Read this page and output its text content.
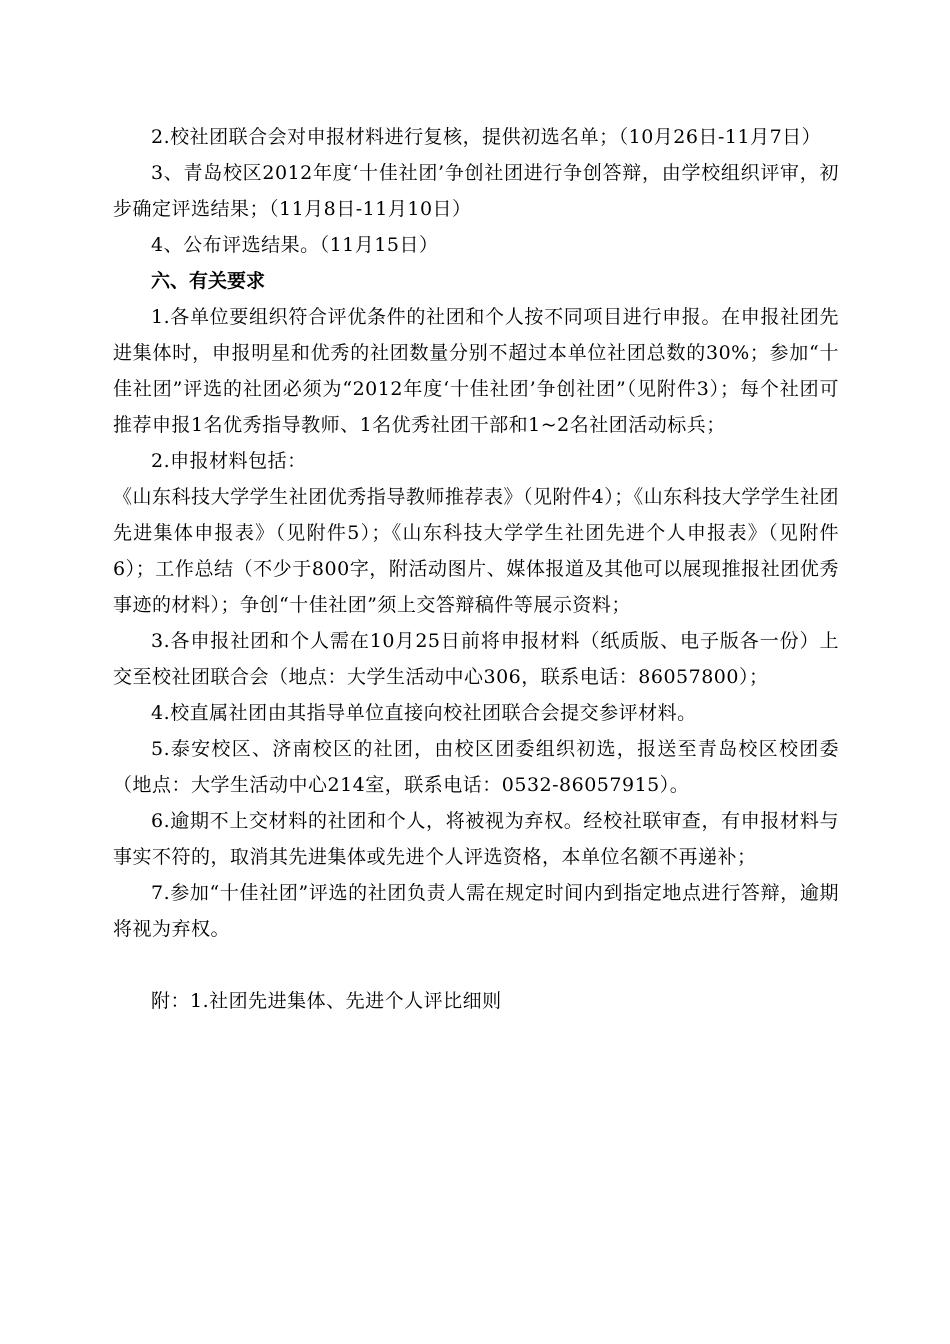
2.校社团联合会对申报材料进行复核，提供初选名单；（10月26日-11月7日）

3、青岛校区2012年度‘十佳社团’争创社团进行争创答辩，由学校组织评审，初步确定评选结果；（11月8日-11月10日）

4、公布评选结果。（11月15日）

六、有关要求

1.各单位要组织符合评优条件的社团和个人按不同项目进行申报。在申报社团先进集体时，申报明星和优秀的社团数量分别不超过本单位社团总数的30%；参加“十佳社团”评选的社团必须为“2012年度‘十佳社团’争创社团”（见附件3）；每个社团可推荐申报1名优秀指导教师、1名优秀社团干部和1~2名社团活动标兵；

2.申报材料包括：

《山东科技大学学生社团优秀指导教师推荐表》（见附件4）；《山东科技大学学生社团先进集体申报表》（见附件5）；《山东科技大学学生社团先进个人申报表》（见附件6）；工作总结（不少于800字，附活动图片、媒体报道及其他可以展现推报社团优秀事迹的材料）；争创“十佳社团”须上交答辩稿件等展示资料；

3.各申报社团和个人需在10月25日前将申报材料（纸质版、电子版各一份）上交至校社团联合会（地点：大学生活动中心306，联系电话：86057800）；

4.校直属社团由其指导单位直接向校社团联合会提交参评材料。

5.泰安校区、济南校区的社团，由校区团委组织初选，报送至青岛校区校团委（地点：大学生活动中心214室，联系电话：0532-86057915）。

6.逾期不上交材料的社团和个人，将被视为弃权。经校社联审查，有申报材料与事实不符的，取消其先进集体或先进个人评选资格，本单位名额不再递补；

7.参加“十佳社团”评选的社团负责人需在规定时间内到指定地点进行答辩，逾期将视为弃权。

附：1.社团先进集体、先进个人评比细则
